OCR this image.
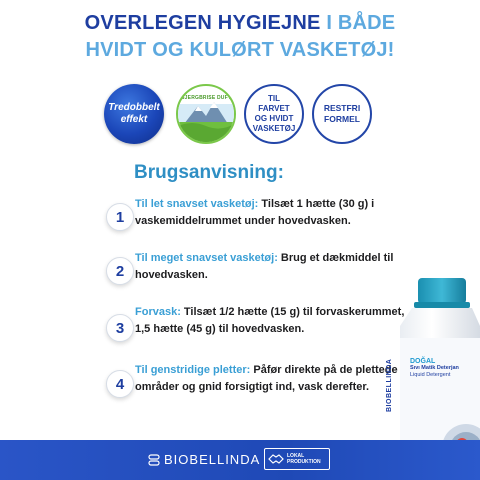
OVERLEGEN HYGIEJNE I BÅDE
HVIDT OG KULØRT VASKETØJ!
Tredobbelt
effekt
BJERGBRISE DUFT	TIL
FARVET
OG HVIDT
VASKETØJ
RESTFRI
FORMEL
Brugsanvisning:
1
Til let snavset vasketøj: Tilsæt 1 hætte (30 g) i vaskemiddelrummet under hovedvasken.
2
Til meget snavset vasketøj: Brug et dækmiddel til hovedvasken.
3
Forvask: Tilsæt 1/2 hætte (15 g) til forvaskerummet, 1,5 hætte (45 g) til hovedvasken.
4
Til genstridige pletter: Påfør direkte på de plettede områder og gnid forsigtigt ind, vask derefter.	BIOBELLINDA DOĞAL
Sıvı Matik Deterjan
Liquid Detergent
BIOBELLINDA	LOKAL
PRODUKTION
